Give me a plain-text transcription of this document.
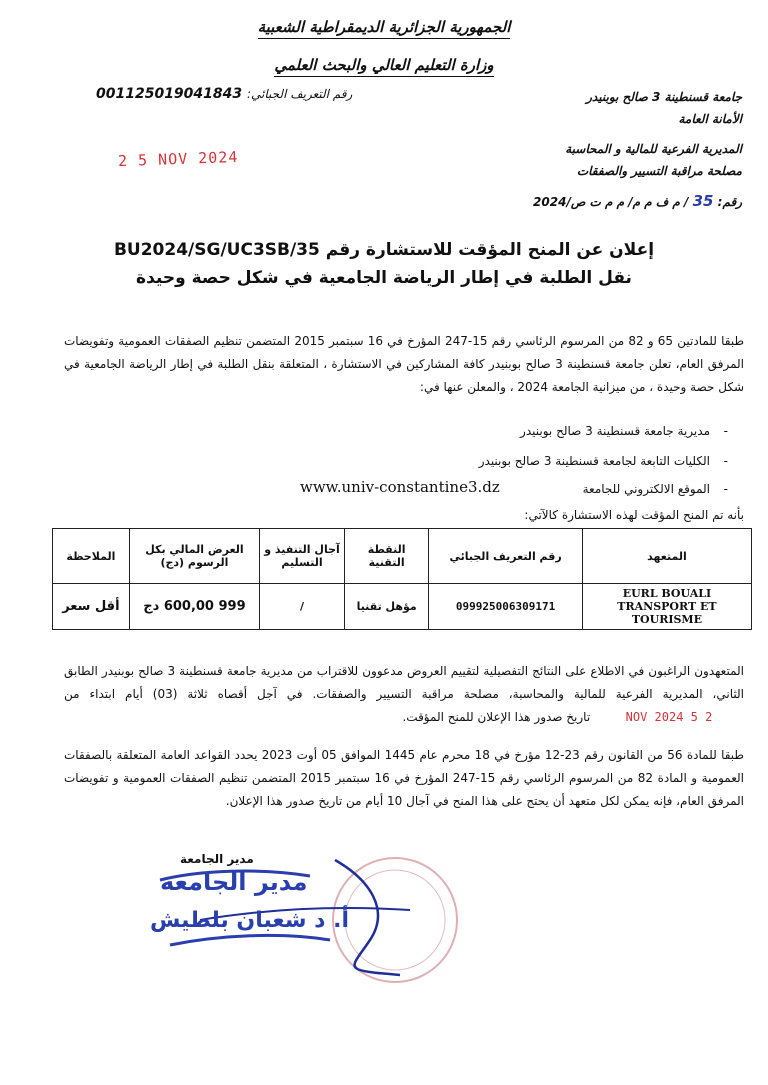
الجمهورية الجزائرية الديمقراطية الشعبية
وزارة التعليم العالي والبحث العلمي
رقم التعريف الجبائي: 001125019041843	جامعة قسنطينة 3 صالح بوبنيدر
الأمانة العامة
المديرية الفرعية للمالية و المحاسبة
مصلحة مراقبة التسيير والصفقات
2 5 NOV 2024
رقم: 35 / م ف م م/ م م ت ص/2024
إعلان عن المنح المؤقت للاستشارة رقم BU2024/SG/UC3SB/35
نقل الطلبة في إطار الرياضة الجامعية في شكل حصة وحيدة
طبقا للمادتين 65 و 82 من المرسوم الرئاسي رقم 15-247 المؤرخ في 16 سبتمبر 2015 المتضمن تنظيم الصفقات العمومية وتفويضات المرفق العام، تعلن جامعة قسنطينة 3 صالح بوبنيدر كافة المشاركين في الاستشارة ، المتعلقة بنقل الطلبة في إطار الرياضة الجامعية في شكل حصة وحيدة ، من ميزانية الجامعة 2024 ، والمعلن عنها في:
-مديرية جامعة قسنطينة 3 صالح بوبنيدر
-الكليات التابعة لجامعة قسنطينة 3 صالح بوبنيدر
-الموقع الالكتروني للجامعة
www.univ-constantine3.dz
بأنه تم المنح المؤقت لهذه الاستشارة كالآتي:
المتعهد	رقم التعريف الجبائي	النقطة التقنية	آجال التنفيذ و التسليم	العرض المالي بكل الرسوم (دج)	الملاحظة
EURL BOUALI TRANSPORT ET TOURISME	099925006309171	مؤهل تقنيا	/	999 600,00 دج	أقل سعر
المتعهدون الراغبون في الاطلاع على النتائج التفصيلية لتقييم العروض مدعوون للاقتراب من مديرية جامعة قسنطينة 3 صالح بوبنيدر الطابق الثاني، المديرية الفرعية للمالية والمحاسبة، مصلحة مراقبة التسيير والصفقات. في آجل أقصاه ثلاثة (03) أيام ابتداء من 2 5 NOV 2024 تاريخ صدور هذا الإعلان للمنح المؤقت.
طبقا للمادة 56 من القانون رقم 23-12 مؤرخ في 18 محرم عام 1445 الموافق 05 أوت 2023 يحدد القواعد العامة المتعلقة بالصفقات العمومية و المادة 82 من المرسوم الرئاسي رقم 15-247 المؤرخ في 16 سبتمبر 2015 المتضمن تنظيم الصفقات العمومية و تفويضات المرفق العام، فإنه يمكن لكل متعهد أن يحتج على هذا المنح في آجال 10 أيام من تاريخ صدور هذا الإعلان.
مدير الجامعة
مدير الجامعة
أ. د شعبان بلطيش
